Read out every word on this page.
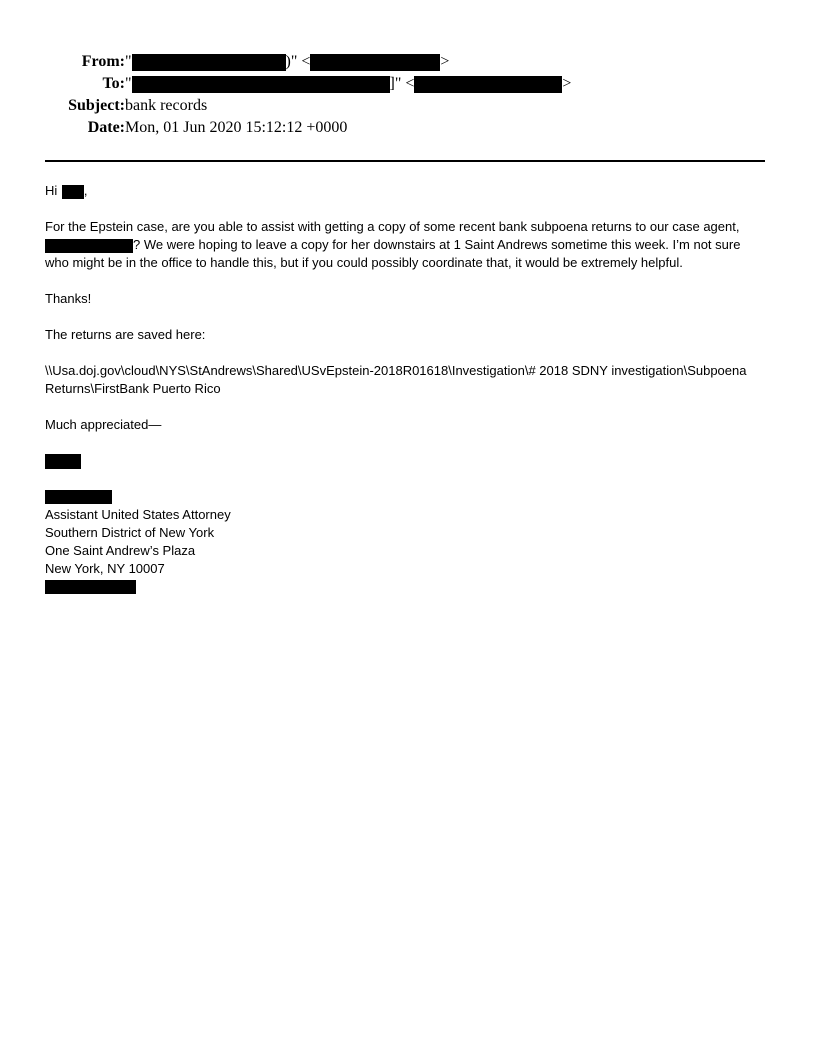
From: "	)" <	>
To: "	]" <	>
Subject: bank records
Date: Mon, 01 Jun 2020 15:12:12 +0000
Hi ,
For the Epstein case, are you able to assist with getting a copy of some recent bank subpoena returns to our case agent,
? We were hoping to leave a copy for her downstairs at 1 Saint Andrews sometime this week. I’m not sure
who might be in the office to handle this, but if you could possibly coordinate that, it would be extremely helpful.
Thanks!
The returns are saved here:
\\Usa.doj.gov\cloud\NYS\StAndrews\Shared\USvEpstein-2018R01618\Investigation\# 2018 SDNY investigation\Subpoena
Returns\FirstBank Puerto Rico
Much appreciated—
Assistant United States Attorney
Southern District of New York
One Saint Andrew’s Plaza
New York, NY 10007
